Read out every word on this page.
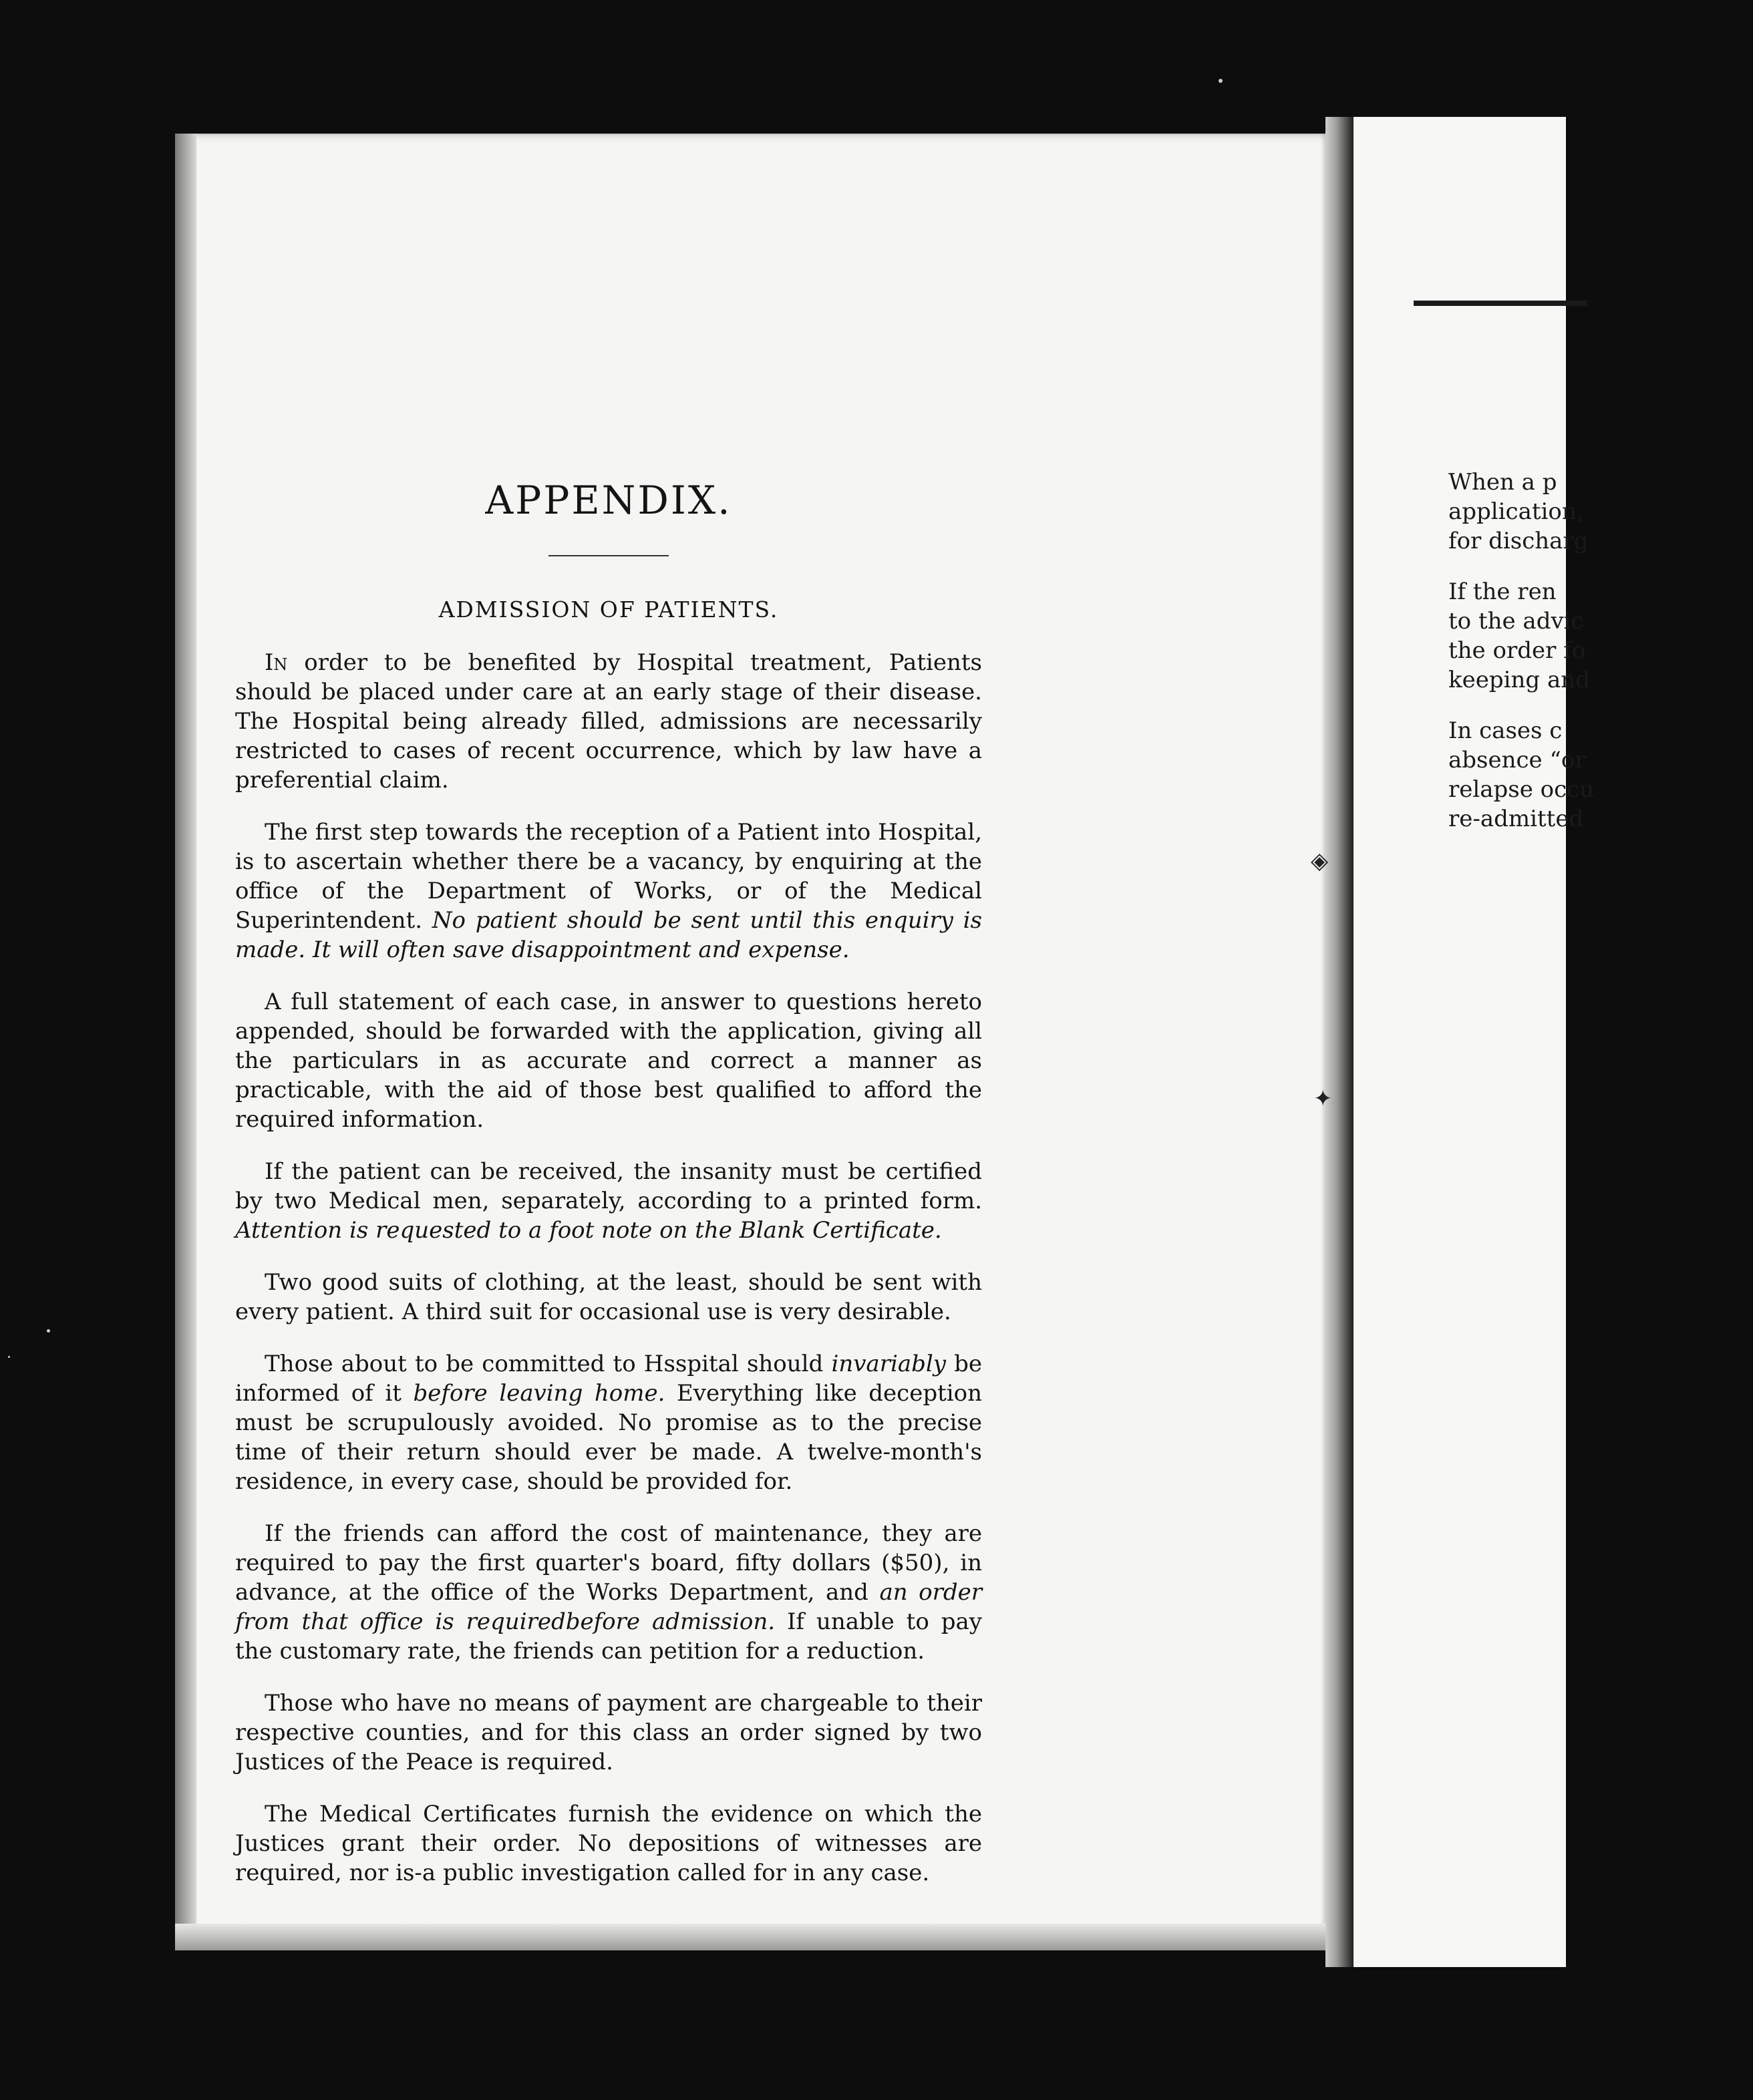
◈
✦
When a p
application,
for discharg
If the ren
to the advic
the order fo
keeping and
In cases c
absence “or
relapse occu
re-admitted
APPENDIX.
ADMISSION OF PATIENTS.

In order to be benefited by Hospital treatment, Patients should be placed under care at an early stage of their disease. The Hospital being already filled, admissions are necessarily restricted to cases of recent occurrence, which by law have a preferential claim.

The first step towards the reception of a Patient into Hospital, is to ascertain whether there be a vacancy, by enquiring at the office of the Department of Works, or of the Medical Superintendent. No patient should be sent until this enquiry is made. It will often save disappointment and expense.

A full statement of each case, in answer to questions hereto appended, should be forwarded with the application, giving all the particulars in as accurate and correct a manner as practicable, with the aid of those best qualified to afford the required information.

If the patient can be received, the insanity must be certified by two Medical men, separately, according to a printed form. Attention is requested to a foot note on the Blank Certificate.

Two good suits of clothing, at the least, should be sent with every patient. A third suit for occasional use is very desirable.

Those about to be committed to Hsspital should invariably be informed of it before leaving home. Everything like deception must be scrupulously avoided. No promise as to the precise time of their return should ever be made. A twelve-month's residence, in every case, should be provided for.

If the friends can afford the cost of maintenance, they are required to pay the first quarter's board, fifty dollars ($50), in advance, at the office of the Works Department, and an order from that office is requiredbefore admission. If unable to pay the customary rate, the friends can petition for a reduction.

Those who have no means of payment are chargeable to their respective counties, and for this class an order signed by two Justices of the Peace is required.

The Medical Certificates furnish the evidence on which the Justices grant their order. No depositions of witnesses are required, nor is-a public investigation called for in any case.
